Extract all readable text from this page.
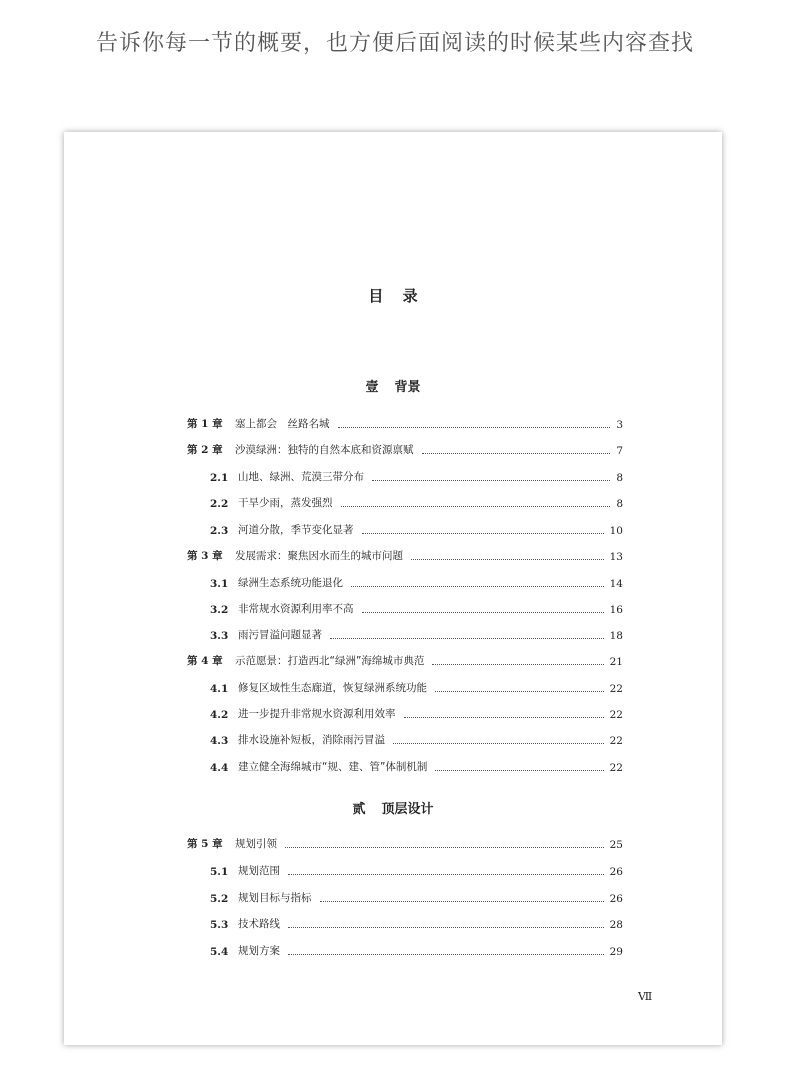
告诉你每一节的概要，也方便后面阅读的时候某些内容查找
目 录
壹 背景
贰 顶层设计
第 1 章	塞上都会　丝路名城	3
第 2 章	沙漠绿洲：独特的自然本底和资源禀赋	7
2.1 山地、绿洲、荒漠三带分布	8
2.2 干旱少雨，蒸发强烈	8
2.3 河道分散，季节变化显著	10
第 3 章	发展需求：聚焦因水而生的城市问题	13
3.1 绿洲生态系统功能退化	14
3.2 非常规水资源利用率不高	16
3.3 雨污冒溢问题显著	18
第 4 章	示范愿景：打造西北“绿洲”海绵城市典范	21
4.1 修复区域性生态廊道，恢复绿洲系统功能	22
4.2 进一步提升非常规水资源利用效率	22
4.3 排水设施补短板，消除雨污冒溢	22
4.4 建立健全海绵城市“规、建、管”体制机制	22
第 5 章	规划引领	25
5.1 规划范围	26
5.2 规划目标与指标	26
5.3 技术路线	28
5.4 规划方案	29
Ⅶ
